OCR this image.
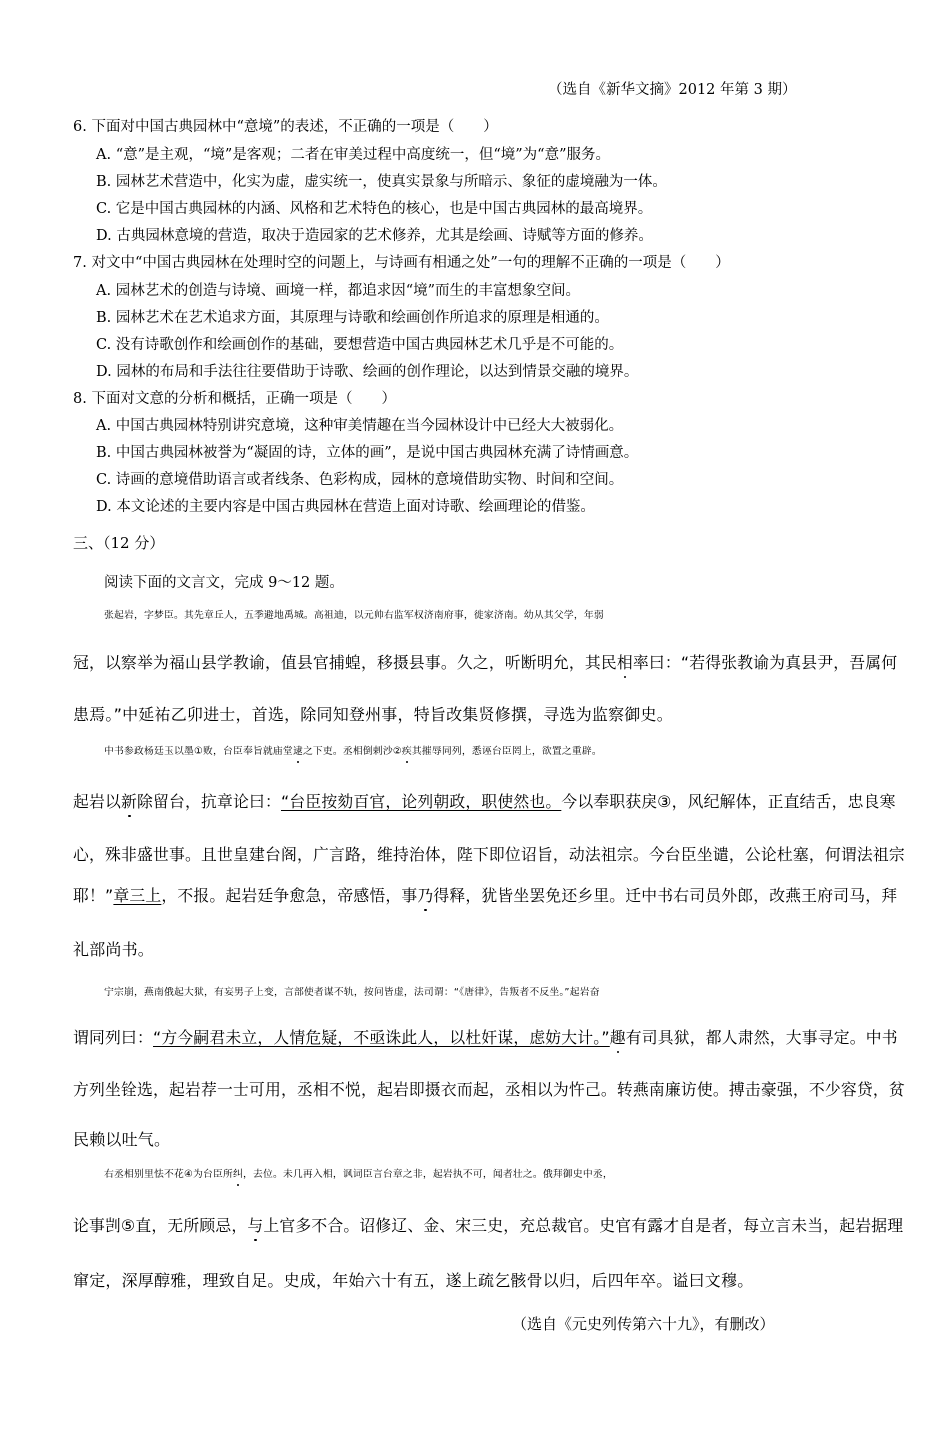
（选自《新华文摘》2012 年第 3 期）
6. 下面对中国古典园林中“意境”的表述，不正确的一项是（　　）
A. “意”是主观，“境”是客观；二者在审美过程中高度统一，但“境”为“意”服务。
B. 园林艺术营造中，化实为虚，虚实统一，使真实景象与所暗示、象征的虚境融为一体。
C. 它是中国古典园林的内涵、风格和艺术特色的核心，也是中国古典园林的最高境界。
D. 古典园林意境的营造，取决于造园家的艺术修养，尤其是绘画、诗赋等方面的修养。
7. 对文中“中国古典园林在处理时空的问题上，与诗画有相通之处”一句的理解不正确的一项是（　　）
A. 园林艺术的创造与诗境、画境一样，都追求因“境”而生的丰富想象空间。
B. 园林艺术在艺术追求方面，其原理与诗歌和绘画创作所追求的原理是相通的。
C. 没有诗歌创作和绘画创作的基础，要想营造中国古典园林艺术几乎是不可能的。
D. 园林的布局和手法往往要借助于诗歌、绘画的创作理论，以达到情景交融的境界。
8. 下面对文意的分析和概括，正确一项是（　　）
A. 中国古典园林特别讲究意境，这种审美情趣在当今园林设计中已经大大被弱化。
B. 中国古典园林被誉为“凝固的诗，立体的画”，是说中国古典园林充满了诗情画意。
C. 诗画的意境借助语言或者线条、色彩构成，园林的意境借助实物、时间和空间。
D. 本文论述的主要内容是中国古典园林在营造上面对诗歌、绘画理论的借鉴。
三、（12 分）
阅读下面的文言文，完成 9～12 题。
张起岩，字梦臣。其先章丘人，五季避地禹城。高祖迪，以元帅右监军权济南府事，徙家济南。幼从其父学，年弱
冠，以察举为福山县学教谕，值县官捕蝗，移摄县事。久之，听断明允，其民相率曰：“若得张教谕为真县尹，吾属何
患焉。”中延祐乙卯进士，首选，除同知登州事，特旨改集贤修撰，寻选为监察御史。
中书参政杨廷玉以墨①败，台臣奉旨就庙堂逮之下吏。丞相倒剌沙②疾其摧辱同列，悉诬台臣罔上，欲置之重辟。
起岩以新除留台，抗章论曰：“台臣按劾百官，论列朝政，职使然也。今以奉职获戾③，风纪解体，正直结舌，忠良寒
心，殊非盛世事。且世皇建台阁，广言路，维持治体，陛下即位诏旨，动法祖宗。今台臣坐谴，公论杜塞，何谓法祖宗
耶！”章三上，不报。起岩廷争愈急，帝感悟，事乃得释，犹皆坐罢免还乡里。迁中书右司员外郎，改燕王府司马，拜
礼部尚书。
宁宗崩，燕南俄起大狱，有妄男子上变，言部使者谋不轨，按问皆虚，法司谓：“《唐律》，告叛者不反坐。”起岩奋
谓同列曰：“方今嗣君未立，人情危疑，不亟诛此人，以杜奸谋，虑妨大计。”趣有司具狱，都人肃然，大事寻定。中书
方列坐铨选，起岩荐一士可用，丞相不悦，起岩即摄衣而起，丞相以为忤己。转燕南廉访使。搏击豪强，不少容贷，贫
民赖以吐气。
右丞相别里怯不花④为台臣所纠，去位。未几再入相，讽词臣言台章之非，起岩执不可，闻者壮之。俄拜御史中丞，
论事剀⑤直，无所顾忌，与上官多不合。诏修辽、金、宋三史，充总裁官。史官有露才自是者，每立言未当，起岩据理
窜定，深厚醇雅，理致自足。史成，年始六十有五，遂上疏乞骸骨以归，后四年卒。谥曰文穆。
（选自《元史列传第六十九》，有删改）
